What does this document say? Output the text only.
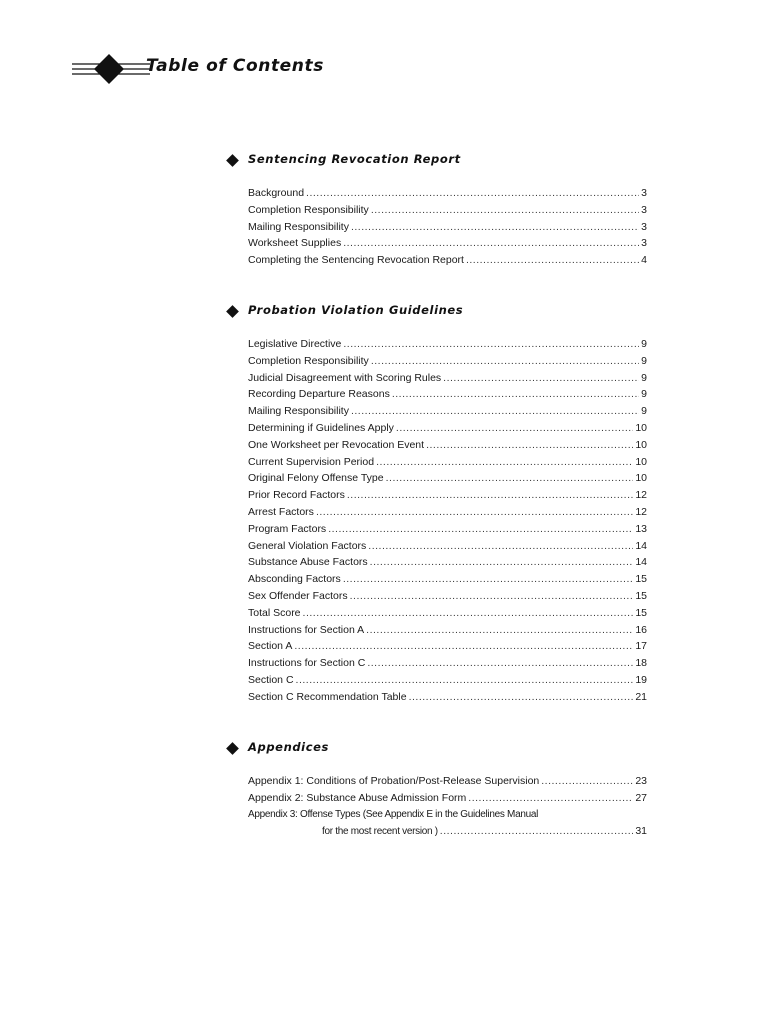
Table of Contents
Sentencing Revocation Report
Background .....	3
Completion Responsibility .....	3
Mailing Responsibility .....	3
Worksheet Supplies .....	3
Completing the Sentencing Revocation Report .....	4
Probation Violation Guidelines
Legislative Directive .....	9
Completion Responsibility .....	9
Judicial Disagreement with Scoring Rules .....	9
Recording Departure Reasons .....	9
Mailing Responsibility .....	9
Determining if Guidelines Apply .....	10
One Worksheet per Revocation Event .....	10
Current Supervision Period .....	10
Original Felony Offense Type .....	10
Prior Record Factors .....	12
Arrest Factors .....	12
Program Factors .....	13
General Violation Factors .....	14
Substance Abuse Factors .....	14
Absconding Factors .....	15
Sex Offender Factors .....	15
Total Score .....	15
Instructions for Section A .....	16
Section A .....	17
Instructions for Section C .....	18
Section C .....	19
Section C Recommendation Table .....	21
Appendices
Appendix 1: Conditions of Probation/Post-Release Supervision .....	23
Appendix 2: Substance Abuse Admission Form .....	27
Appendix 3: Offense Types (See Appendix E in the Guidelines Manual
for the most recent version ) .....	31
